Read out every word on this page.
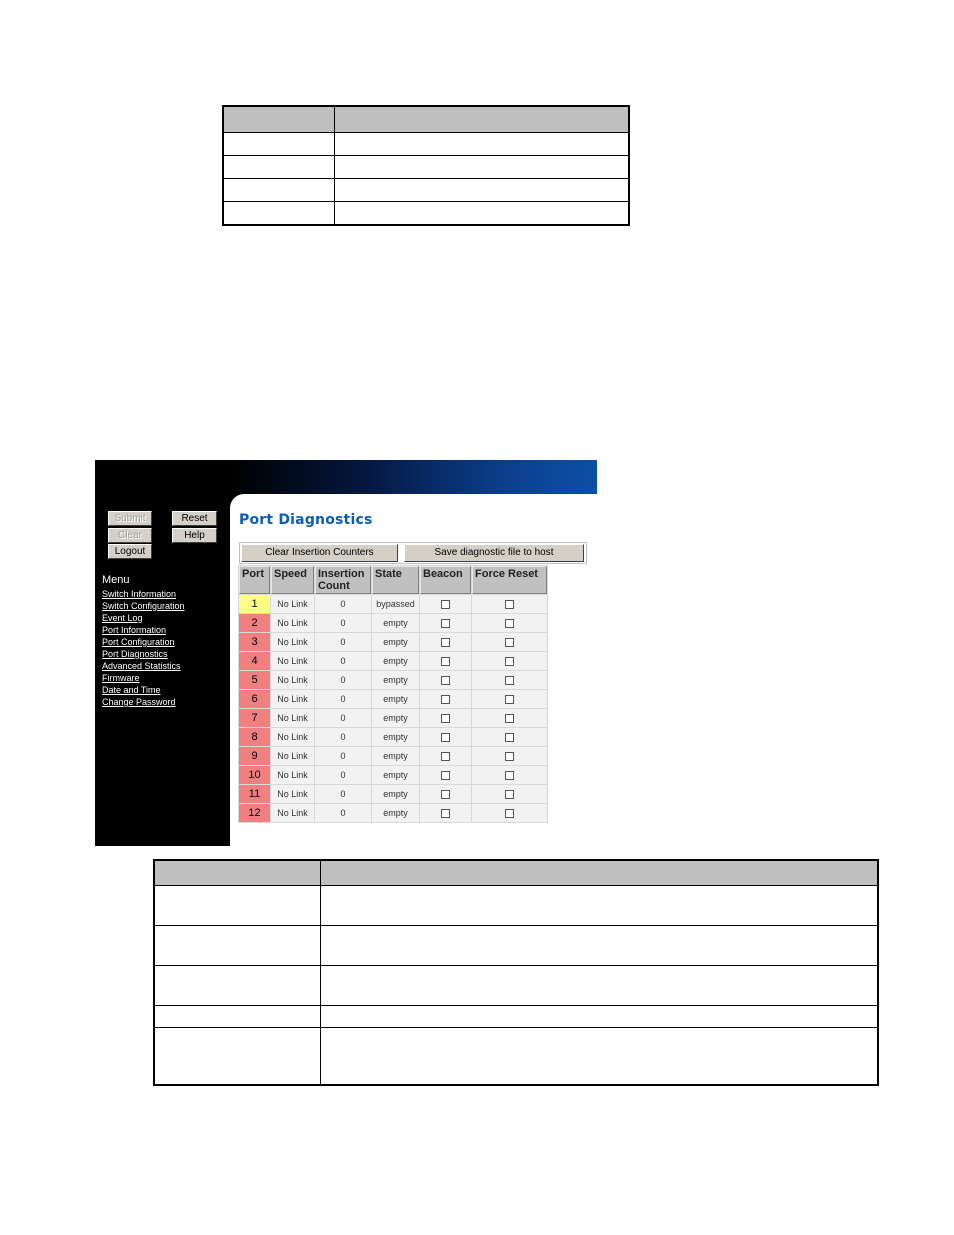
Submit	Reset
Clear	Help
Logout
Menu
Switch Information
Switch Configuration
Event Log
Port Information
Port Configuration
Port Diagnostics
Advanced Statistics
Firmware
Date and Time
Change Password
Port Diagnostics
Clear Insertion Counters	Save diagnostic file to host
Port	Speed	Insertion Count	State	Beacon	Force Reset
1	No Link	0	bypassed		
2	No Link	0	empty		
3	No Link	0	empty		
4	No Link	0	empty		
5	No Link	0	empty		
6	No Link	0	empty		
7	No Link	0	empty		
8	No Link	0	empty		
9	No Link	0	empty		
10	No Link	0	empty		
11	No Link	0	empty		
12	No Link	0	empty		
